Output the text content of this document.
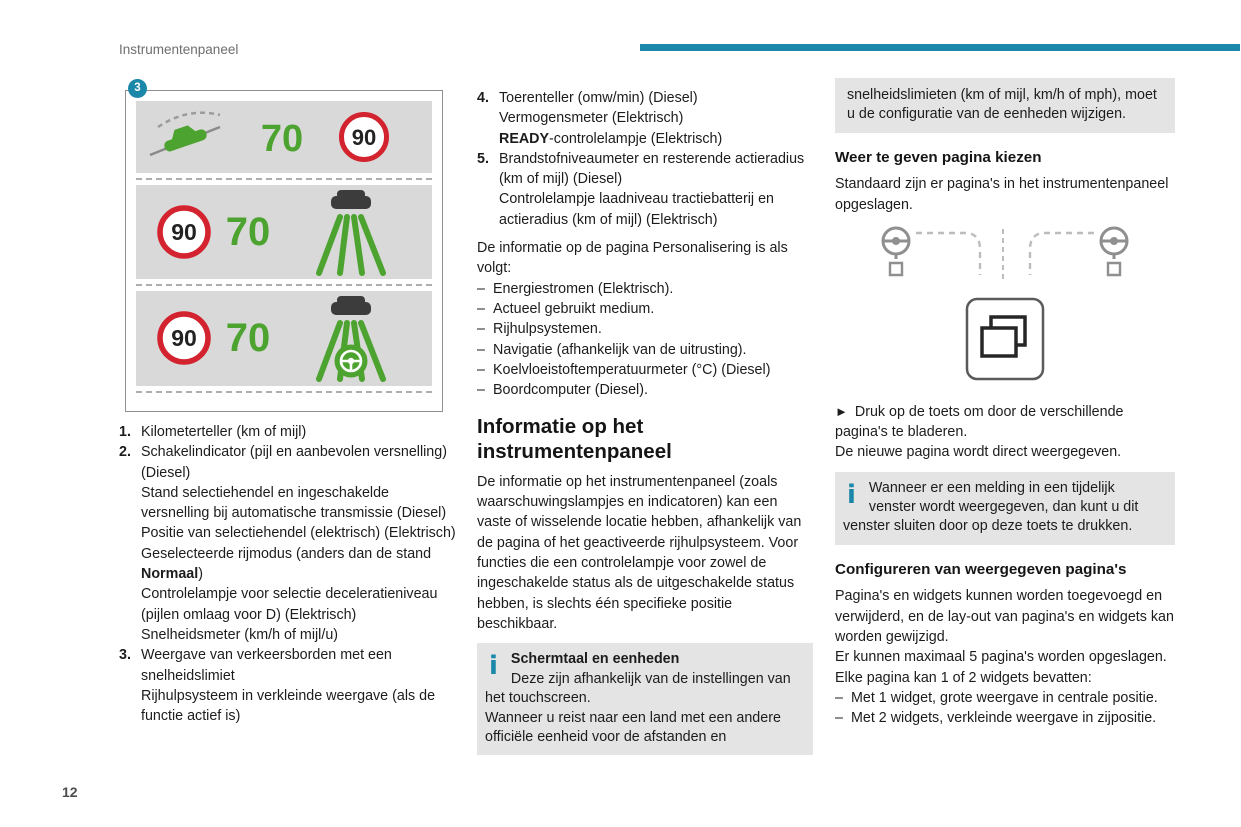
Instrumentenpaneel
12
3
70 90
90 70
90 70
1. Kilometerteller (km of mijl)
2. Schakelindicator (pijl en aanbevolen versnelling) (Diesel)
Stand selectiehendel en ingeschakelde versnelling bij automatische transmissie (Diesel)
Positie van selectiehendel (elektrisch) (Elektrisch)
Geselecteerde rijmodus (anders dan de stand Normaal)
Controlelampje voor selectie deceleratieniveau (pijlen omlaag voor D) (Elektrisch)
Snelheidsmeter (km/h of mijl/u)
3. Weergave van verkeersborden met een snelheidslimiet
Rijhulpsysteem in verkleinde weergave (als de functie actief is)
4. Toerenteller (omw/min) (Diesel)
Vermogensmeter (Elektrisch)
READY-controlelampje (Elektrisch)
5. Brandstofniveaumeter en resterende actieradius (km of mijl) (Diesel)
Controlelampje laadniveau tractiebatterij en actieradius (km of mijl) (Elektrisch)

De informatie op de pagina Personalisering is als volgt:

– Energiestromen (Elektrisch).
– Actueel gebruikt medium.
– Rijhulpsystemen.
– Navigatie (afhankelijk van de uitrusting).
– Koelvloeistoftemperatuurmeter (°C) (Diesel)
– Boordcomputer (Diesel).
Informatie op het instrumentenpaneel

De informatie op het instrumentenpaneel (zoals waarschuwingslampjes en indicatoren) kan een vaste of wisselende locatie hebben, afhankelijk van de pagina of het geactiveerde rijhulpsysteem. Voor functies die een controlelampje voor zowel de ingeschakelde status als de uitgeschakelde status hebben, is slechts één specifieke positie beschikbaar.

i Schermtaal en eenheden
Deze zijn afhankelijk van de instellingen van het touchscreen.
Wanneer u reist naar een land met een andere officiële eenheid voor de afstanden en
snelheidslimieten (km of mijl, km/h of mph), moet u de configuratie van de eenheden wijzigen.
Weer te geven pagina kiezen

Standaard zijn er pagina's in het instrumentenpaneel opgeslagen.

► Druk op de toets om door de verschillende pagina's te bladeren.

De nieuwe pagina wordt direct weergegeven.

i Wanneer er een melding in een tijdelijk venster wordt weergegeven, dan kunt u dit venster sluiten door op deze toets te drukken.
Configureren van weergegeven pagina's

Pagina's en widgets kunnen worden toegevoegd en verwijderd, en de lay-out van pagina's en widgets kan worden gewijzigd.

Er kunnen maximaal 5 pagina's worden opgeslagen.

Elke pagina kan 1 of 2 widgets bevatten:

– Met 1 widget, grote weergave in centrale positie.
– Met 2 widgets, verkleinde weergave in zijpositie.
